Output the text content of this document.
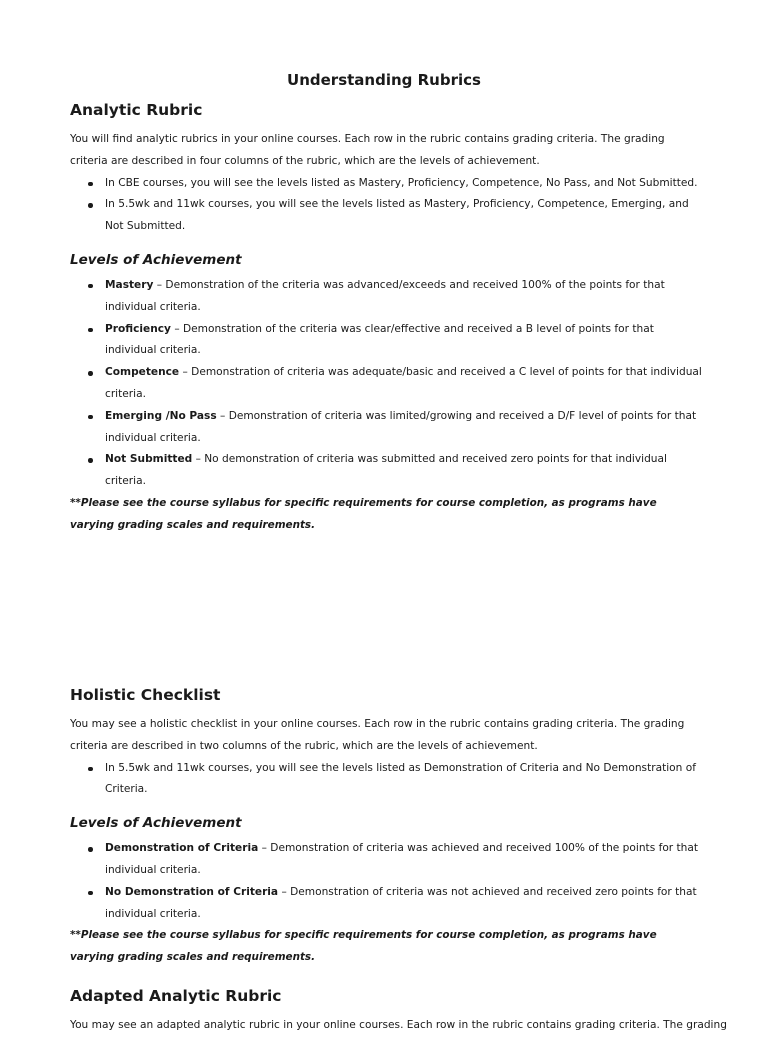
Understanding Rubrics
Analytic Rubric

You will find analytic rubrics in your online courses. Each row in the rubric contains grading criteria. The grading criteria are described in four columns of the rubric, which are the levels of achievement.

In CBE courses, you will see the levels listed as Mastery, Proficiency, Competence, No Pass, and Not Submitted.
In 5.5wk and 11wk courses, you will see the levels listed as Mastery, Proficiency, Competence, Emerging, and Not Submitted.
Levels of Achievement
Mastery – Demonstration of the criteria was advanced/exceeds and received 100% of the points for that individual criteria.
Proficiency – Demonstration of the criteria was clear/effective and received a B level of points for that individual criteria.
Competence – Demonstration of criteria was adequate/basic and received a C level of points for that individual criteria.
Emerging /No Pass – Demonstration of criteria was limited/growing and received a D/F level of points for that individual criteria.
Not Submitted – No demonstration of criteria was submitted and received zero points for that individual criteria.

**Please see the course syllabus for specific requirements for course completion, as programs have varying grading scales and requirements.

Holistic Checklist

You may see a holistic checklist in your online courses. Each row in the rubric contains grading criteria. The grading criteria are described in two columns of the rubric, which are the levels of achievement.

In 5.5wk and 11wk courses, you will see the levels listed as Demonstration of Criteria and No Demonstration of Criteria.
Levels of Achievement
Demonstration of Criteria – Demonstration of criteria was achieved and received 100% of the points for that individual criteria.
No Demonstration of Criteria – Demonstration of criteria was not achieved and received zero points for that individual criteria.

**Please see the course syllabus for specific requirements for course completion, as programs have varying grading scales and requirements.

Adapted Analytic Rubric

You may see an adapted analytic rubric in your online courses. Each row in the rubric contains grading criteria. The grading
